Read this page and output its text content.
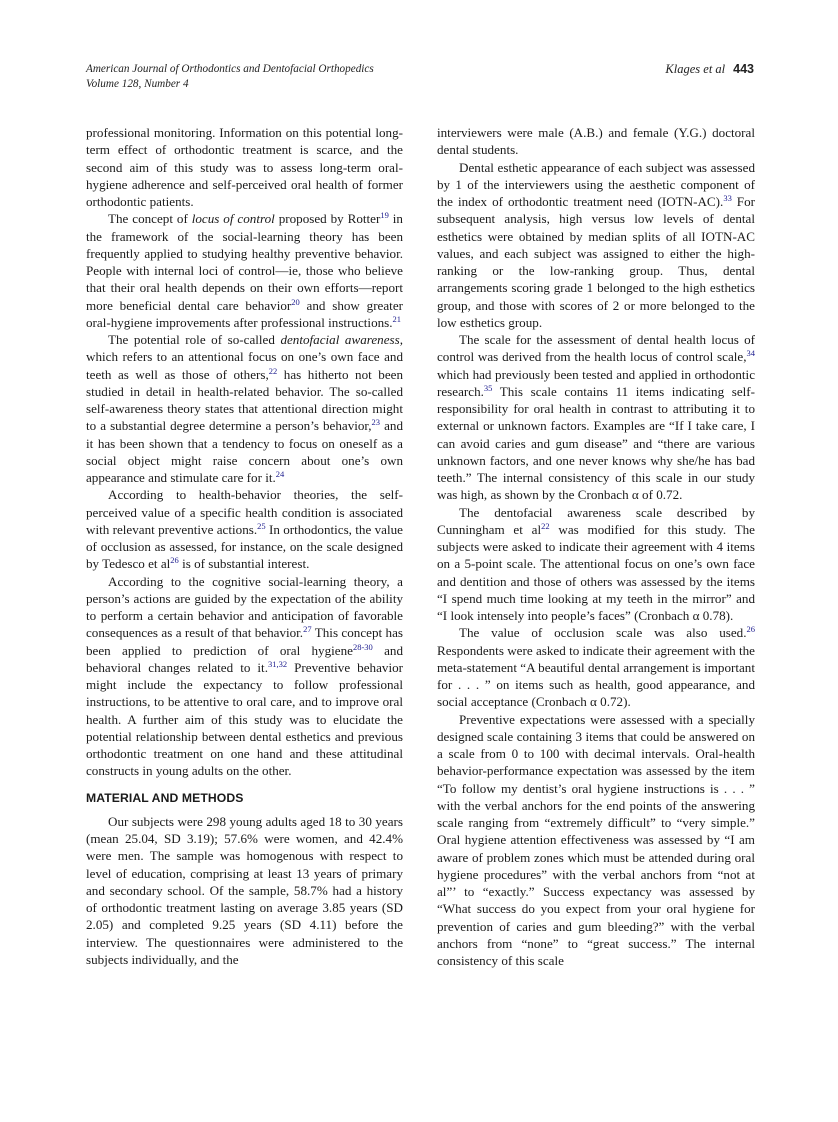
American Journal of Orthodontics and Dentofacial Orthopedics
Volume 128, Number 4
Klages et al 443

professional monitoring. Information on this potential long-term effect of orthodontic treatment is scarce, and the second aim of this study was to assess long-term oral-hygiene adherence and self-perceived oral health of former orthodontic patients.

The concept of locus of control proposed by Rotter$^{19}$ in the framework of the social-learning theory has been frequently applied to studying healthy preventive behavior. People with internal loci of control—ie, those who believe that their oral health depends on their own efforts—report more beneficial dental care behavior$^{20}$ and show greater oral-hygiene improvements after professional instructions.$^{21}$

The potential role of so-called dentofacial awareness, which refers to an attentional focus on one’s own face and teeth as well as those of others,$^{22}$ has hitherto not been studied in detail in health-related behavior. The so-called self-awareness theory states that attentional direction might to a substantial degree determine a person’s behavior,$^{23}$ and it has been shown that a tendency to focus on oneself as a social object might raise concern about one’s own appearance and stimulate care for it.$^{24}$

According to health-behavior theories, the self-perceived value of a specific health condition is associated with relevant preventive actions.$^{25}$ In orthodontics, the value of occlusion as assessed, for instance, on the scale designed by Tedesco et $al^{26}$ is of substantial interest.

According to the cognitive social-learning theory, a person’s actions are guided by the expectation of the ability to perform a certain behavior and anticipation of favorable consequences as a result of that behavior.$^{27}$ This concept has been applied to prediction of oral hygiene$^{28-30}$ and behavioral changes related to it.$^{31,32}$ Preventive behavior might include the expectancy to follow professional instructions, to be attentive to oral care, and to improve oral health. A further aim of this study was to elucidate the potential relationship between dental esthetics and previous orthodontic treatment on one hand and these attitudinal constructs in young adults on the other.

MATERIAL AND METHODS

Our subjects were 298 young adults aged 18 to 30 years (mean 25.04, SD 3.19); 57.6% were women, and 42.4% were men. The sample was homogenous with respect to level of education, comprising at least 13 years of primary and secondary school. Of the sample, 58.7% had a history of orthodontic treatment lasting on average 3.85 years (SD 2.05) and completed 9.25 years (SD 4.11) before the interview. The questionnaires were administered to the subjects individually, and the

interviewers were male (A.B.) and female (Y.G.) doctoral dental students.

Dental esthetic appearance of each subject was assessed by 1 of the interviewers using the aesthetic component of the index of orthodontic treatment need (IOTN-AC).$^{33}$ For subsequent analysis, high versus low levels of dental esthetics were obtained by median splits of all IOTN-AC values, and each subject was assigned to either the high-ranking or the low-ranking group. Thus, dental arrangements scoring grade 1 belonged to the high esthetics group, and those with scores of 2 or more belonged to the low esthetics group.

The scale for the assessment of dental health locus of control was derived from the health locus of control scale,$^{34}$ which had previously been tested and applied in orthodontic research.$^{35}$ This scale contains 11 items indicating self-responsibility for oral health in contrast to attributing it to external or unknown factors. Examples are “If I take care, I can avoid caries and gum disease” and “there are various unknown factors, and one never knows why she/he has bad teeth.” The internal consistency of this scale in our study was high, as shown by the Cronbach α of 0.72.

The dentofacial awareness scale described by Cunningham et $al^{22}$ was modified for this study. The subjects were asked to indicate their agreement with 4 items on a 5-point scale. The attentional focus on one’s own face and dentition and those of others was assessed by the items “I spend much time looking at my teeth in the mirror” and “I look intensely into people’s faces” (Cronbach α 0.78).

The value of occlusion scale was also used.$^{26}$ Respondents were asked to indicate their agreement with the meta-statement “A beautiful dental arrangement is important for . . . ” on items such as health, good appearance, and social acceptance (Cronbach α 0.72).

Preventive expectations were assessed with a specially designed scale containing 3 items that could be answered on a scale from 0 to 100 with decimal intervals. Oral-health behavior-performance expectation was assessed by the item “To follow my dentist’s oral hygiene instructions is . . . ” with the verbal anchors for the end points of the answering scale ranging from “extremely difficult” to “very simple.” Oral hygiene attention effectiveness was assessed by “I am aware of problem zones which must be attended during oral hygiene procedures” with the verbal anchors from “not at al”’ to “exactly.” Success expectancy was assessed by “What success do you expect from your oral hygiene for prevention of caries and gum bleeding?” with the verbal anchors from “none” to “great success.” The internal consistency of this scale
